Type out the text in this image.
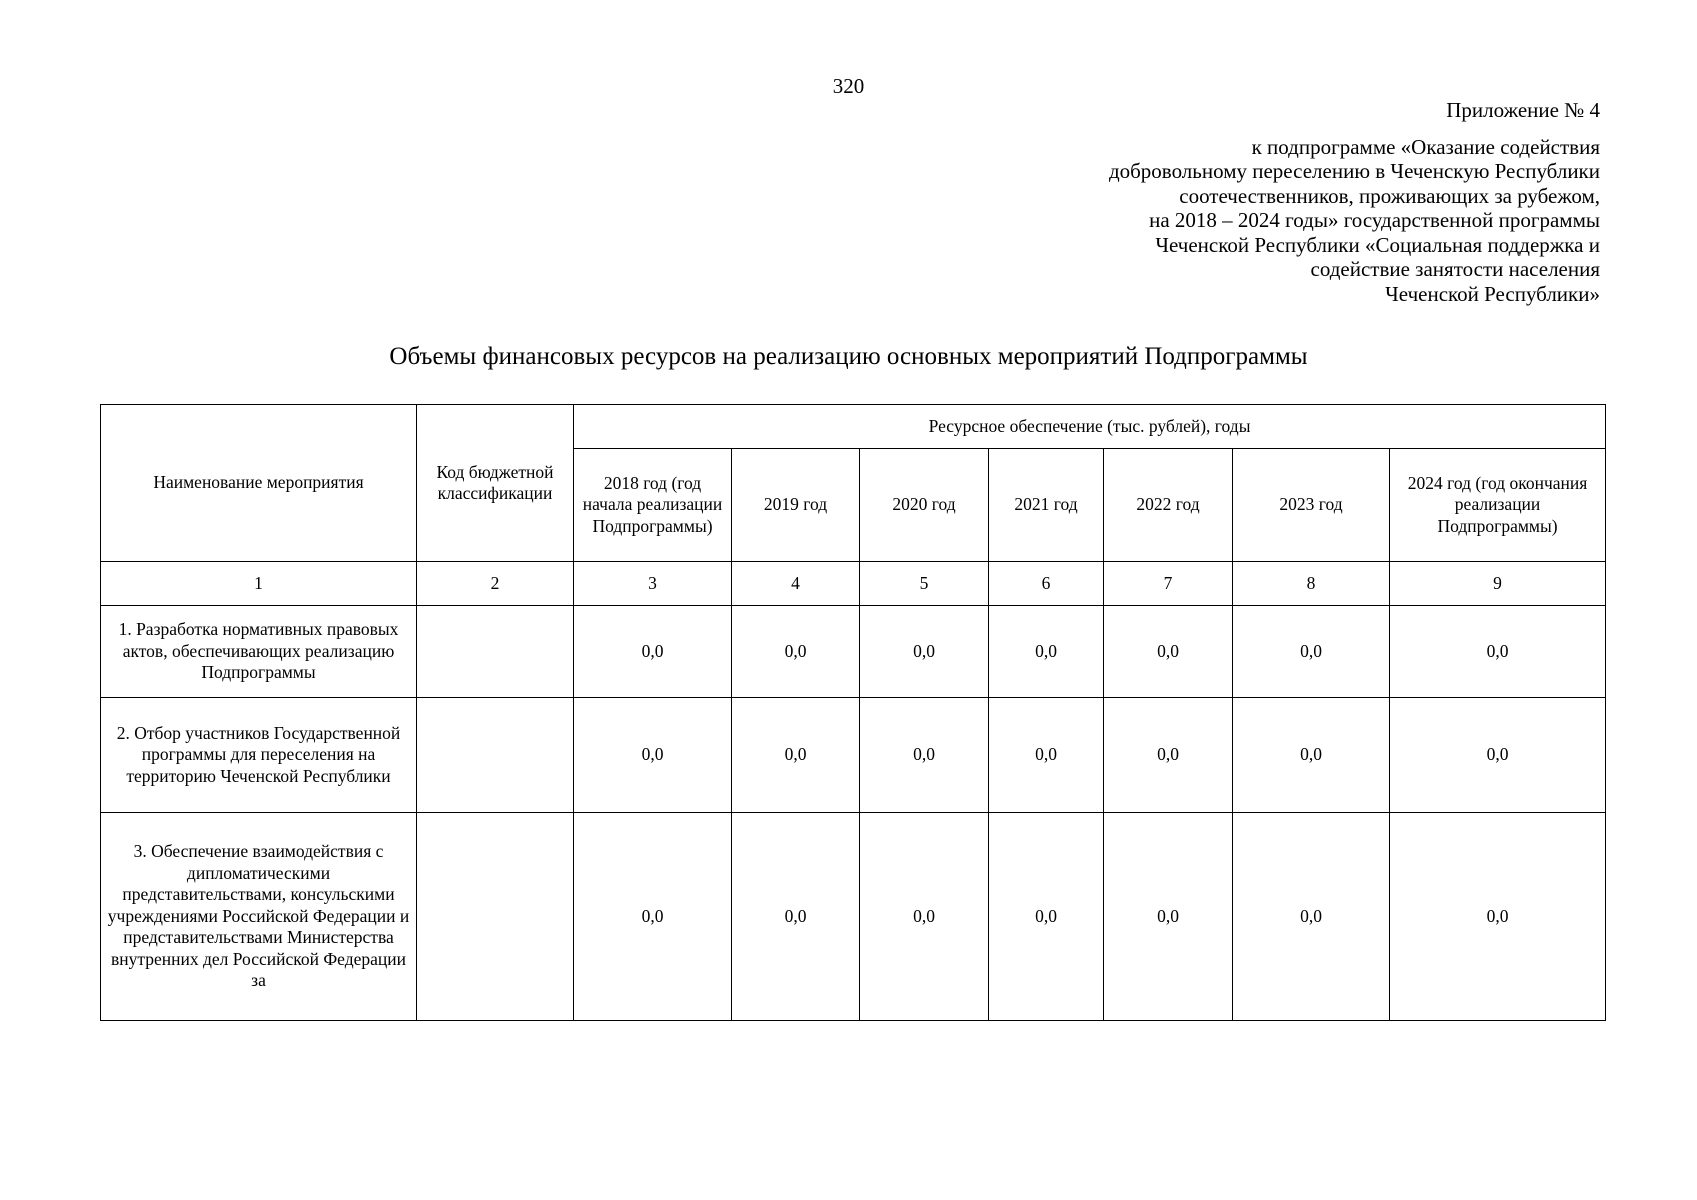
320
Приложение № 4
к подпрограмме «Оказание содействия
добровольному переселению в Чеченскую Республики
соотечественников, проживающих за рубежом,
на 2018 – 2024 годы» государственной программы
Чеченской Республики «Социальная поддержка и
содействие занятости населения
Чеченской Республики»
Объемы финансовых ресурсов на реализацию основных мероприятий Подпрограммы
Наименование мероприятия	Код бюджетной классификации	Ресурсное обеспечение (тыс. рублей), годы						
		2018 год (год начала реализации Подпрограммы)	2019 год	2020 год	2021 год	2022 год	2023 год	2024 год (год окончания реализации Подпрограммы)
1	2	3	4	5	6	7	8	9
1. Разработка нормативных правовых актов, обеспечивающих реализацию Подпрограммы		0,0	0,0	0,0	0,0	0,0	0,0	0,0
2. Отбор участников Государственной программы для переселения на территорию Чеченской Республики		0,0	0,0	0,0	0,0	0,0	0,0	0,0
3. Обеспечение взаимодействия с дипломатическими представительствами, консульскими учреждениями Российской Федерации и представительствами Министерства внутренних дел Российской Федерации за		0,0	0,0	0,0	0,0	0,0	0,0	0,0
